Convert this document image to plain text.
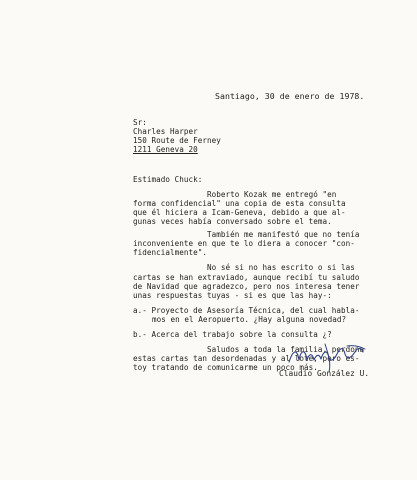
Santiago, 30 de enero de 1978.
Sr:
Charles Harper
150 Route de Ferney
1211 Geneva 20
Estimado Chuck:
Roberto Kozak me entregó "en
forma confidencial" una copia de esta consulta
que él hiciera a Icam-Geneva, debido a que al-
gunas veces había conversado sobre el tema.
También me manifestó que no tenía
inconveniente en que te lo diera a conocer "con-
fidencialmente".
No sé si no has escrito o si las
cartas se han extraviado, aunque recibí tu saludo
de Navidad que agradezco, pero nos interesa tener
unas respuestas tuyas - si es que las hay-:
a.- Proyecto de Asesoría Técnica, del cual habla-
mos en el Aeropuerto. ¿Hay alguna novedad?
b.- Acerca del trabajo sobre la consulta ¿?
Saludos a toda la familia, perdona
estas cartas tan desordenadas y al lote, pero es-
toy tratando de comunicarme un poco más.
Claudio González U.
